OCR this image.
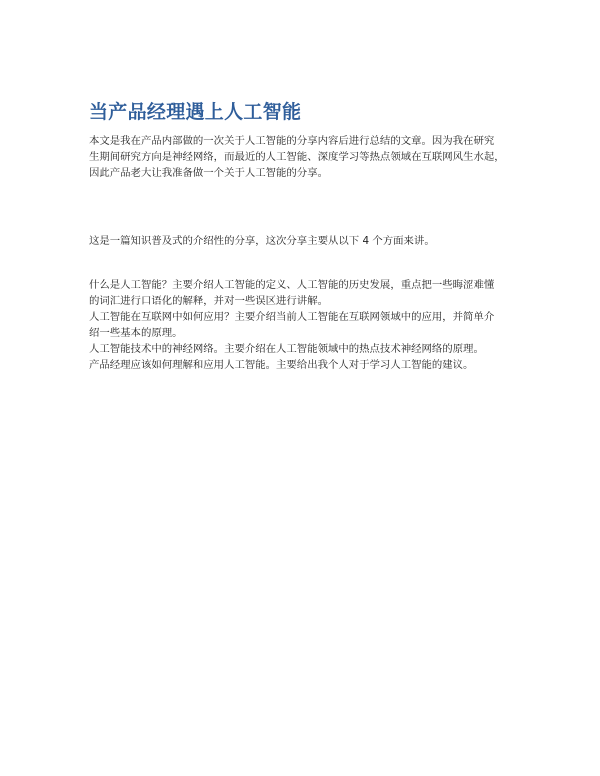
当产品经理遇上人工智能

本文是我在产品内部做的一次关于人工智能的分享内容后进行总结的文章。因为我在研究
生期间研究方向是神经网络，而最近的人工智能、深度学习等热点领域在互联网风生水起，
因此产品老大让我准备做一个关于人工智能的分享。

这是一篇知识普及式的介绍性的分享，这次分享主要从以下 4 个方面来讲。

什么是人工智能？主要介绍人工智能的定义、人工智能的历史发展，重点把一些晦涩难懂
的词汇进行口语化的解释，并对一些误区进行讲解。
人工智能在互联网中如何应用？主要介绍当前人工智能在互联网领域中的应用，并简单介
绍一些基本的原理。
人工智能技术中的神经网络。主要介绍在人工智能领域中的热点技术神经网络的原理。
产品经理应该如何理解和应用人工智能。主要给出我个人对于学习人工智能的建议。
